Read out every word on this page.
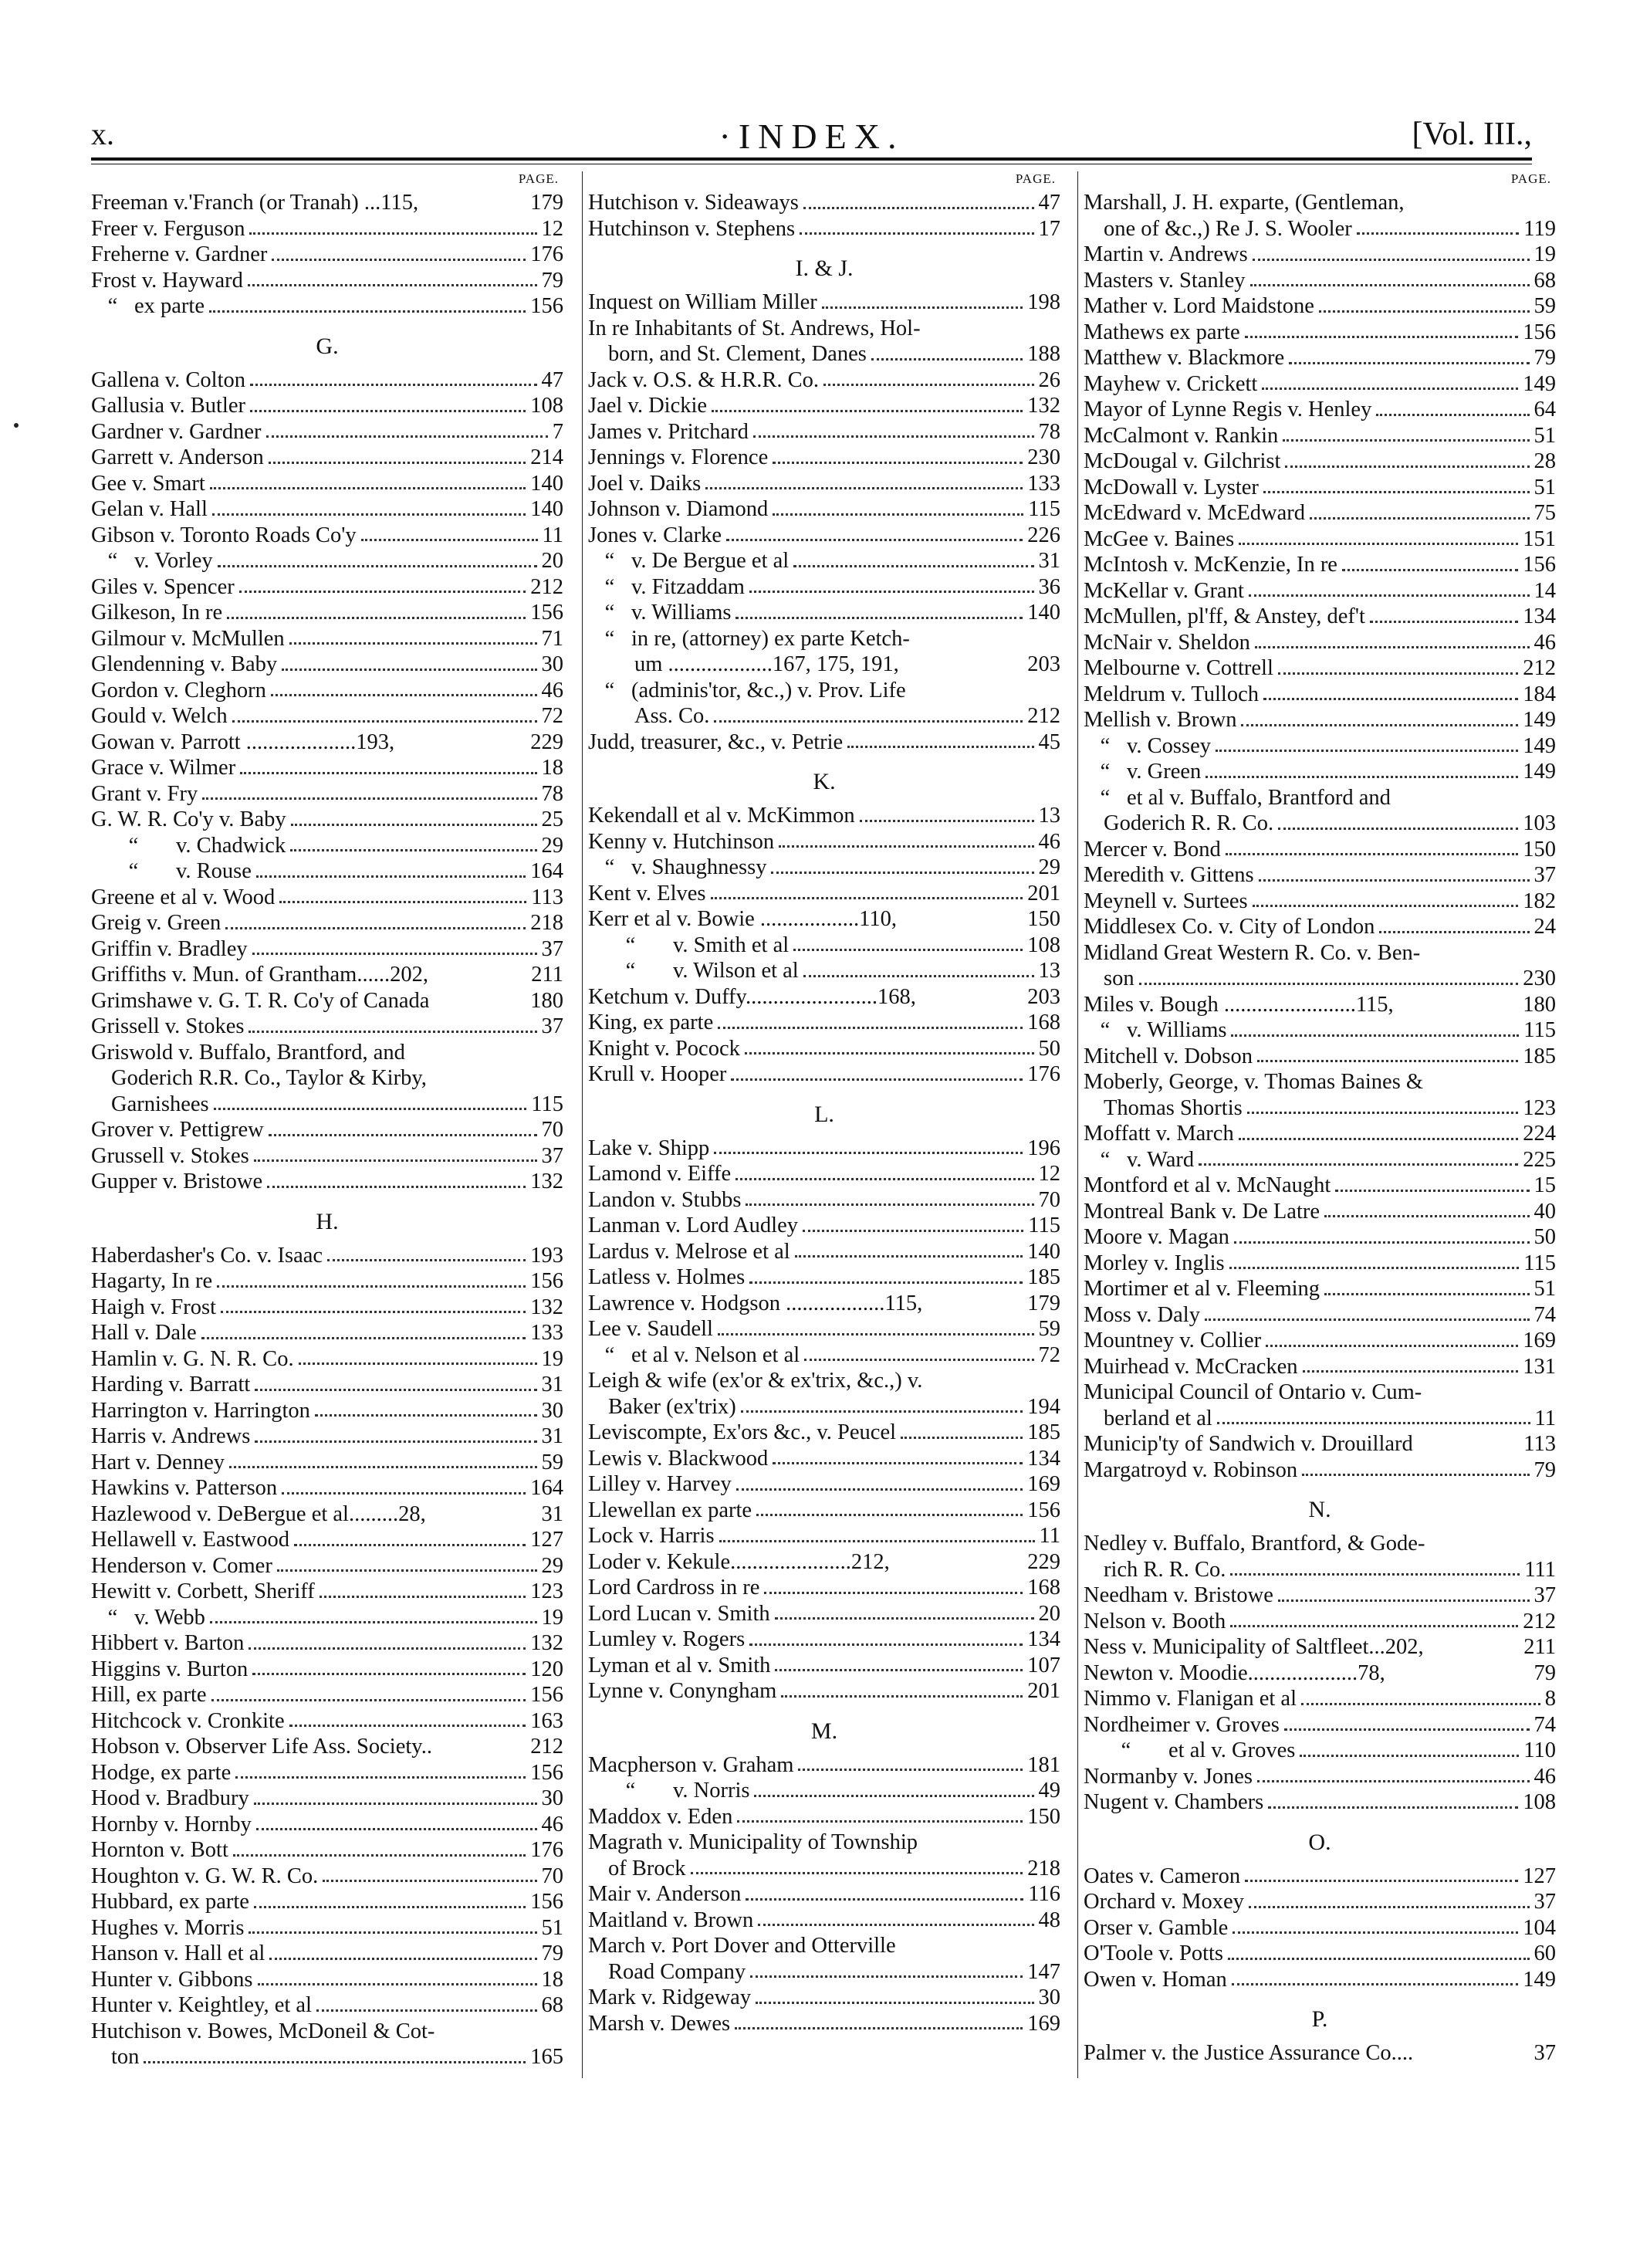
x.	·INDEX.	[Vol. III.,
PAGE.
Freeman v.'Franch (or Tranah) ...115,	179
Freer v. Ferguson	12
Freherne v. Gardner	176
Frost v. Hayward	79
“ ex parte	156
G.
Gallena v. Colton	47
Gallusia v. Butler	108
Gardner v. Gardner	7
Garrett v. Anderson	214
Gee v. Smart	140
Gelan v. Hall	140
Gibson v. Toronto Roads Co'y	11
“ v. Vorley	20
Giles v. Spencer	212
Gilkeson, In re	156
Gilmour v. McMullen	71
Glendenning v. Baby	30
Gordon v. Cleghorn	46
Gould v. Welch	72
Gowan v. Parrott ....................193,	229
Grace v. Wilmer	18
Grant v. Fry	78
G. W. R. Co'y v. Baby	25
“ v. Chadwick	29
“ v. Rouse	164
Greene et al v. Wood	113
Greig v. Green	218
Griffin v. Bradley	37
Griffiths v. Mun. of Grantham......202,	211
Grimshawe v. G. T. R. Co'y of Canada	180
Grissell v. Stokes	37
Griswold v. Buffalo, Brantford, and
Goderich R.R. Co., Taylor & Kirby,
Garnishees	115
Grover v. Pettigrew	70
Grussell v. Stokes	37
Gupper v. Bristowe	132
H.
Haberdasher's Co. v. Isaac	193
Hagarty, In re	156
Haigh v. Frost	132
Hall v. Dale	133
Hamlin v. G. N. R. Co.	19
Harding v. Barratt	31
Harrington v. Harrington	30
Harris v. Andrews	31
Hart v. Denney	59
Hawkins v. Patterson	164
Hazlewood v. DeBergue et al.........28,	31
Hellawell v. Eastwood	127
Henderson v. Comer	29
Hewitt v. Corbett, Sheriff	123
“ v. Webb	19
Hibbert v. Barton	132
Higgins v. Burton	120
Hill, ex parte	156
Hitchcock v. Cronkite	163
Hobson v. Observer Life Ass. Society..	212
Hodge, ex parte	156
Hood v. Bradbury	30
Hornby v. Hornby	46
Hornton v. Bott	176
Houghton v. G. W. R. Co.	70
Hubbard, ex parte	156
Hughes v. Morris	51
Hanson v. Hall et al	79
Hunter v. Gibbons	18
Hunter v. Keightley, et al	68
Hutchison v. Bowes, McDoneil & Cot-
ton	165
PAGE.
Hutchison v. Sideaways	47
Hutchinson v. Stephens	17
I. & J.
Inquest on William Miller	198
In re Inhabitants of St. Andrews, Hol-
born, and St. Clement, Danes	188
Jack v. O.S. & H.R.R. Co.	26
Jael v. Dickie	132
James v. Pritchard	78
Jennings v. Florence	230
Joel v. Daiks	133
Johnson v. Diamond	115
Jones v. Clarke	226
“ v. De Bergue et al	31
“ v. Fitzaddam	36
“ v. Williams	140
“ in re, (attorney) ex parte Ketch-
um ...................167, 175, 191,	203
“ (adminis'tor, &c.,) v. Prov. Life
Ass. Co.	212
Judd, treasurer, &c., v. Petrie	45
K.
Kekendall et al v. McKimmon	13
Kenny v. Hutchinson	46
“ v. Shaughnessy	29
Kent v. Elves	201
Kerr et al v. Bowie ..................110,	150
“ v. Smith et al	108
“ v. Wilson et al	13
Ketchum v. Duffy........................168,	203
King, ex parte	168
Knight v. Pocock	50
Krull v. Hooper	176
L.
Lake v. Shipp	196
Lamond v. Eiffe	12
Landon v. Stubbs	70
Lanman v. Lord Audley	115
Lardus v. Melrose et al	140
Latless v. Holmes	185
Lawrence v. Hodgson ..................115,	179
Lee v. Saudell	59
“ et al v. Nelson et al	72
Leigh & wife (ex'or & ex'trix, &c.,) v.
Baker (ex'trix)	194
Leviscompte, Ex'ors &c., v. Peucel	185
Lewis v. Blackwood	134
Lilley v. Harvey	169
Llewellan ex parte	156
Lock v. Harris	11
Loder v. Kekule......................212,	229
Lord Cardross in re	168
Lord Lucan v. Smith	20
Lumley v. Rogers	134
Lyman et al v. Smith	107
Lynne v. Conyngham	201
M.
Macpherson v. Graham	181
“ v. Norris	49
Maddox v. Eden	150
Magrath v. Municipality of Township
of Brock	218
Mair v. Anderson	116
Maitland v. Brown	48
March v. Port Dover and Otterville
Road Company	147
Mark v. Ridgeway	30
Marsh v. Dewes	169
PAGE.
Marshall, J. H. exparte, (Gentleman,
one of &c.,) Re J. S. Wooler	119
Martin v. Andrews	19
Masters v. Stanley	68
Mather v. Lord Maidstone	59
Mathews ex parte	156
Matthew v. Blackmore	79
Mayhew v. Crickett	149
Mayor of Lynne Regis v. Henley	64
McCalmont v. Rankin	51
McDougal v. Gilchrist	28
McDowall v. Lyster	51
McEdward v. McEdward	75
McGee v. Baines	151
McIntosh v. McKenzie, In re	156
McKellar v. Grant	14
McMullen, pl'ff, & Anstey, def't	134
McNair v. Sheldon	46
Melbourne v. Cottrell	212
Meldrum v. Tulloch	184
Mellish v. Brown	149
“ v. Cossey	149
“ v. Green	149
“ et al v. Buffalo, Brantford and
Goderich R. R. Co.	103
Mercer v. Bond	150
Meredith v. Gittens	37
Meynell v. Surtees	182
Middlesex Co. v. City of London	24
Midland Great Western R. Co. v. Ben-
son	230
Miles v. Bough ........................115,	180
“ v. Williams	115
Mitchell v. Dobson	185
Moberly, George, v. Thomas Baines &
Thomas Shortis	123
Moffatt v. March	224
“ v. Ward	225
Montford et al v. McNaught	15
Montreal Bank v. De Latre	40
Moore v. Magan	50
Morley v. Inglis	115
Mortimer et al v. Fleeming	51
Moss v. Daly	74
Mountney v. Collier	169
Muirhead v. McCracken	131
Municipal Council of Ontario v. Cum-
berland et al	11
Municip'ty of Sandwich v. Drouillard	113
Margatroyd v. Robinson	79
N.
Nedley v. Buffalo, Brantford, & Gode-
rich R. R. Co.	111
Needham v. Bristowe	37
Nelson v. Booth	212
Ness v. Municipality of Saltfleet...202,	211
Newton v. Moodie....................78,	79
Nimmo v. Flanigan et al	8
Nordheimer v. Groves	74
“ et al v. Groves	110
Normanby v. Jones	46
Nugent v. Chambers	108
O.
Oates v. Cameron	127
Orchard v. Moxey	37
Orser v. Gamble	104
O'Toole v. Potts	60
Owen v. Homan	149
P.
Palmer v. the Justice Assurance Co....	37
